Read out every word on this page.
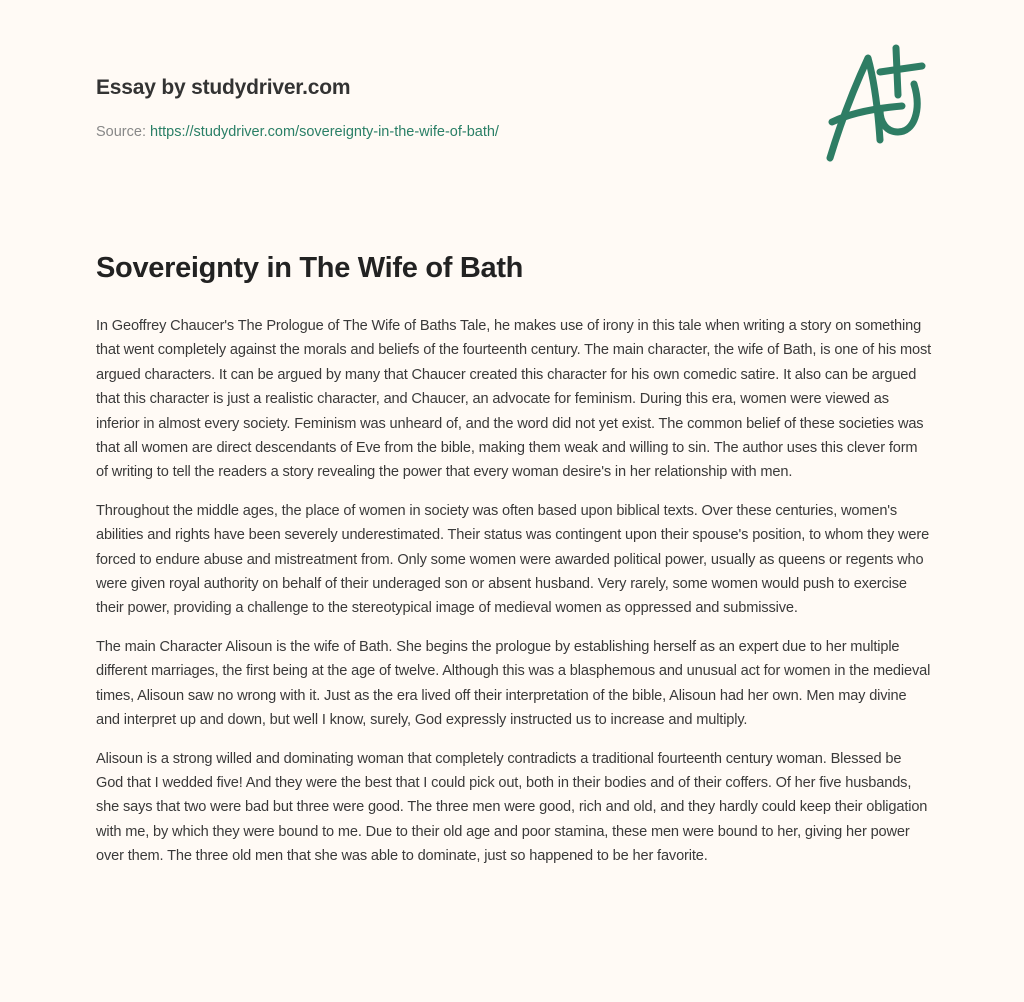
Essay by studydriver.com
Source: https://studydriver.com/sovereignty-in-the-wife-of-bath/
Sovereignty in The Wife of Bath

In Geoffrey Chaucer's The Prologue of The Wife of Baths Tale, he makes use of irony in this tale when writing a story on something that went completely against the morals and beliefs of the fourteenth century. The main character, the wife of Bath, is one of his most argued characters. It can be argued by many that Chaucer created this character for his own comedic satire. It also can be argued that this character is just a realistic character, and Chaucer, an advocate for feminism. During this era, women were viewed as inferior in almost every society. Feminism was unheard of, and the word did not yet exist. The common belief of these societies was that all women are direct descendants of Eve from the bible, making them weak and willing to sin. The author uses this clever form of writing to tell the readers a story revealing the power that every woman desire's in her relationship with men.

Throughout the middle ages, the place of women in society was often based upon biblical texts. Over these centuries, women's abilities and rights have been severely underestimated. Their status was contingent upon their spouse's position, to whom they were forced to endure abuse and mistreatment from. Only some women were awarded political power, usually as queens or regents who were given royal authority on behalf of their underaged son or absent husband. Very rarely, some women would push to exercise their power, providing a challenge to the stereotypical image of medieval women as oppressed and submissive.

The main Character Alisoun is the wife of Bath. She begins the prologue by establishing herself as an expert due to her multiple different marriages, the first being at the age of twelve. Although this was a blasphemous and unusual act for women in the medieval times, Alisoun saw no wrong with it. Just as the era lived off their interpretation of the bible, Alisoun had her own. Men may divine and interpret up and down, but well I know, surely, God expressly instructed us to increase and multiply.

Alisoun is a strong willed and dominating woman that completely contradicts a traditional fourteenth century woman. Blessed be God that I wedded five! And they were the best that I could pick out, both in their bodies and of their coffers. Of her five husbands, she says that two were bad but three were good. The three men were good, rich and old, and they hardly could keep their obligation with me, by which they were bound to me. Due to their old age and poor stamina, these men were bound to her, giving her power over them. The three old men that she was able to dominate, just so happened to be her favorite.
